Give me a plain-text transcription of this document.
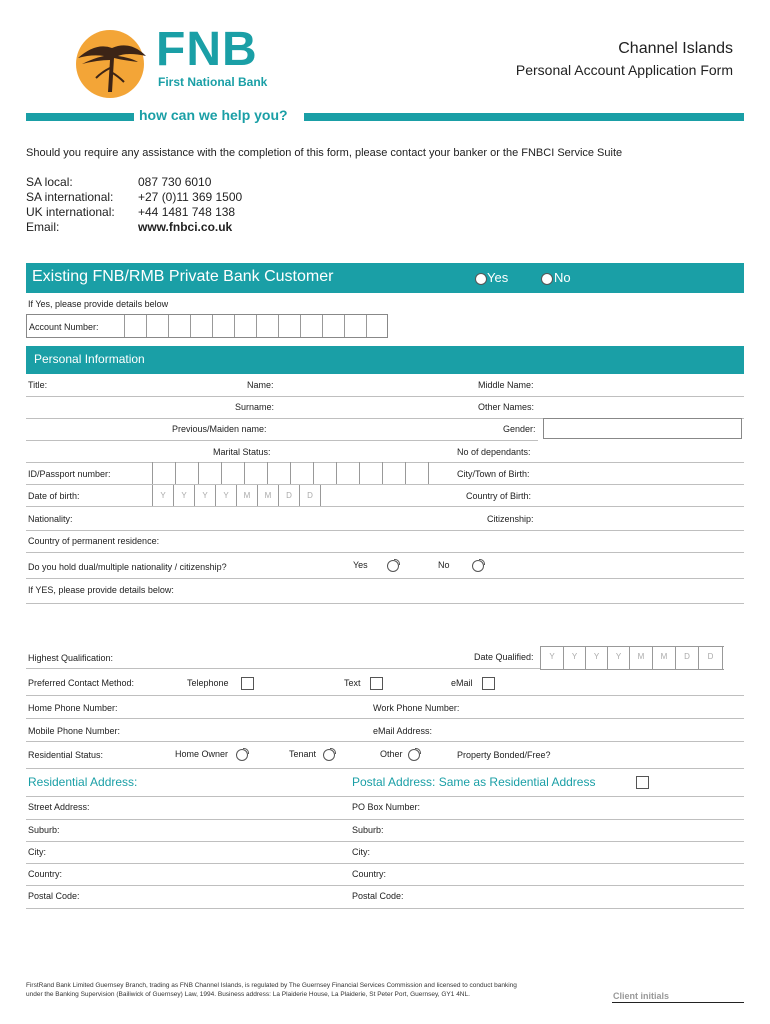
FNB
First National Bank
Channel Islands
Personal Account Application Form
how can we help you?
Should you require any assistance with the completion of this form, please contact your banker or the FNBCI Service Suite
SA local:	087 730 6010
SA international: +27 (0)11 369 1500
UK international: +44 1481 748 138
Email:	www.fnbci.co.uk
Existing FNB/RMB Private Bank Customer	Yes	No
If Yes, please provide details below
Account Number:
Personal Information
Title:	Name:	Middle Name:
Surname:	Other Names:
Previous/Maiden name:	Gender:
Marital Status:	No of dependants:
ID/Passport number:	City/Town of Birth:
Date of birth:	Y	Y	Y	Y	M	M	D	D	Country of Birth:
Nationality:	Citizenship:
Country of permanent residence:
Do you hold dual/multiple nationality / citizenship?	Yes	No
If YES, please provide details below:
Highest Qualification:	Date Qualified:	Y	Y	Y	Y	M	M	D	D
Preferred Contact Method:	Telephone	Text	eMail
Home Phone Number:	Work Phone Number:
Mobile Phone Number:	eMail Address:
Residential Status:	Home Owner	Tenant	Other	Property Bonded/Free?
Residential Address:	Postal Address: Same as Residential Address
Street Address:	PO Box Number:
Suburb:	Suburb:
City:	City:
Country:	Country:
Postal Code:	Postal Code:
FirstRand Bank Limited Guernsey Branch, trading as FNB Channel Islands, is regulated by The Guernsey Financial Services Commission and licensed to conduct banking
under the Banking Supervision (Bailiwick of Guernsey) Law, 1994. Business address: La Plaiderie House, La Plaiderie, St Peter Port, Guernsey, GY1 4NL.	Client initials
